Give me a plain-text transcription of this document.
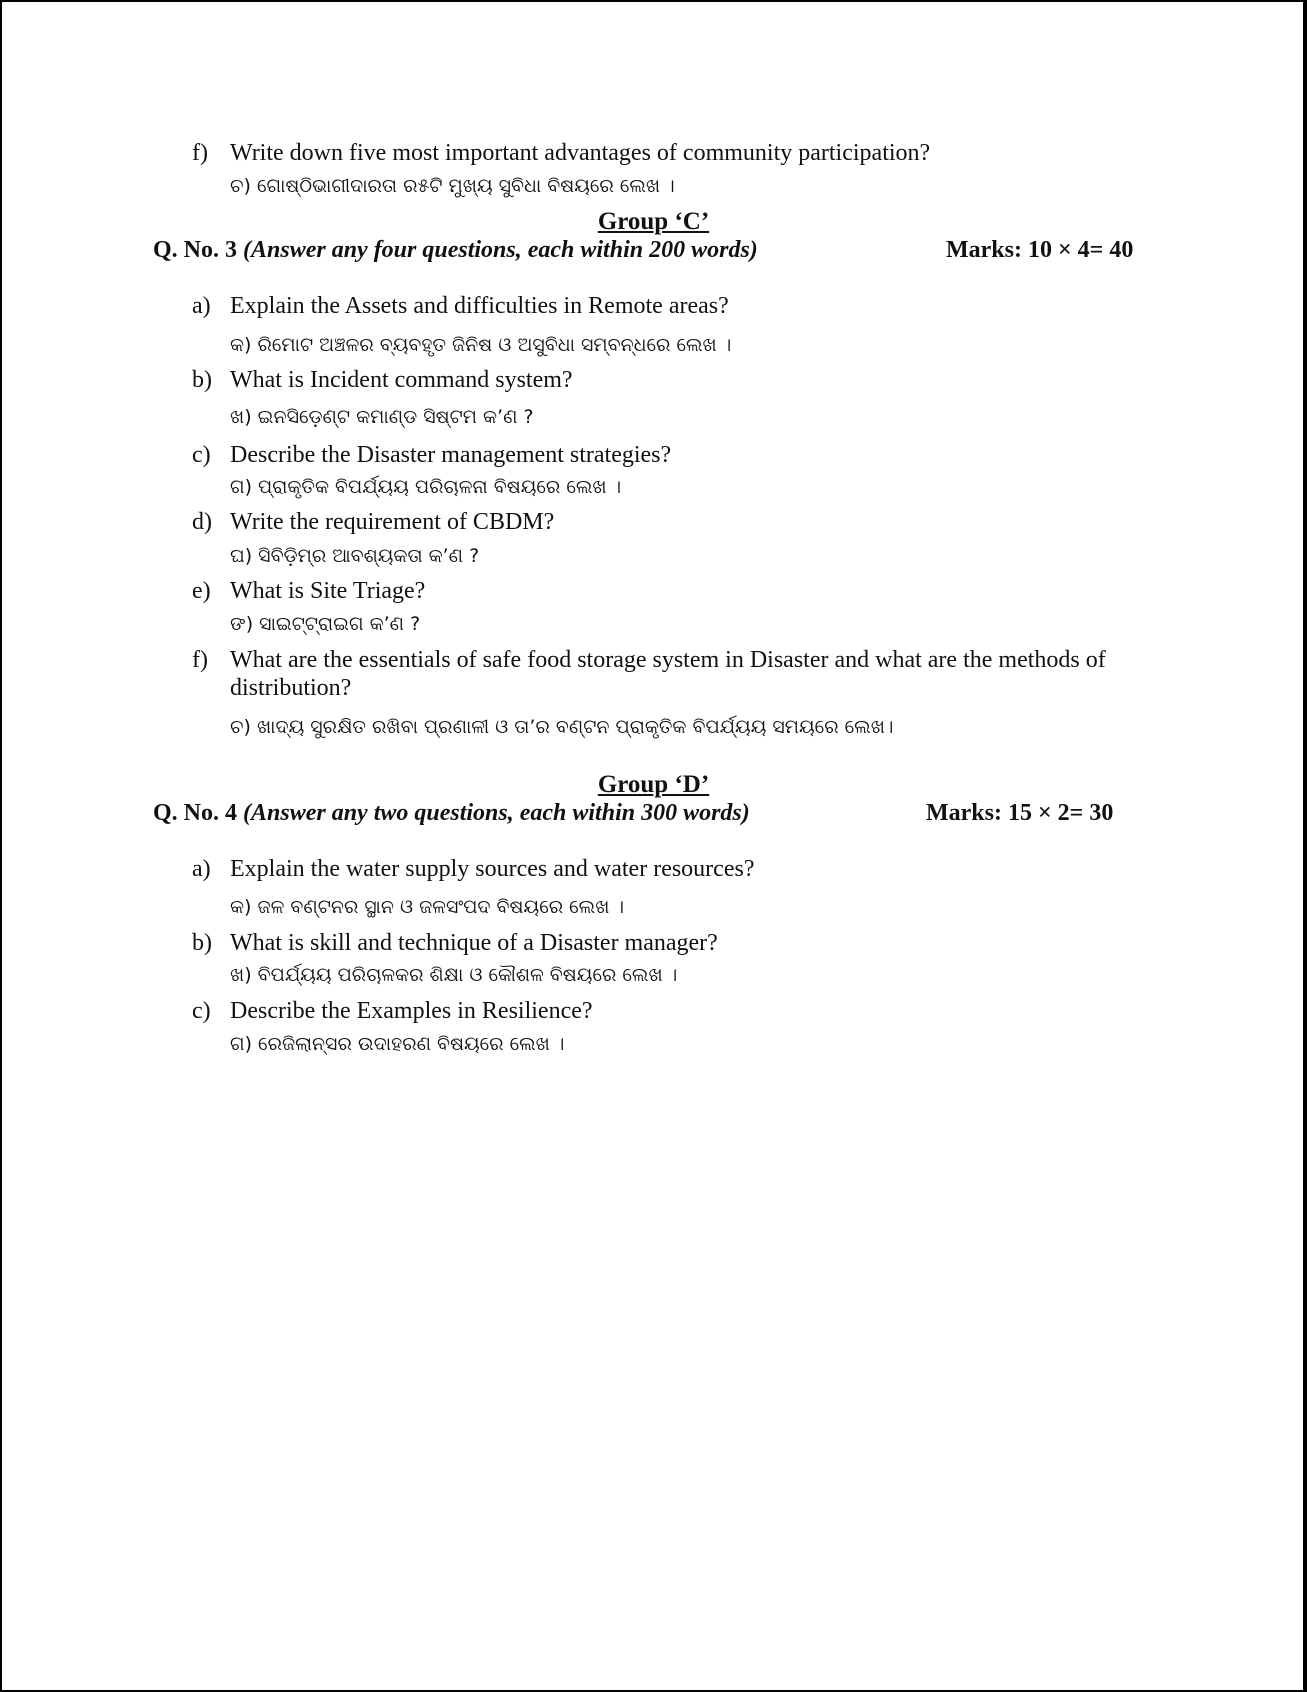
f) Write down five most important advantages of community participation?
ଚ) ଗୋଷ୍ଠିଭାଗୀଦାରତା ର୫ଟି ମୁଖ୍ୟ ସୁବିଧା ବିଷୟରେ ଲେଖ ।
Group ‘C’
Q. No. 3 (Answer any four questions, each within 200 words)	Marks: 10 × 4= 40
a) Explain the Assets and difficulties in Remote areas?
କ) ରିମୋଟ ଅଞ୍ଚଳର ବ୍ୟବହୃତ ଜିନିଷ ଓ ଅସୁବିଧା ସମ୍ବନ୍ଧରେ ଲେଖ ।
b) What is Incident command system?
ଖ) ଇନସିଡ଼େଣ୍ଟ କମାଣ୍ଡ ସିଷ୍ଟମ କ’ଣ ?
c) Describe the Disaster management strategies?
ଗ) ପ୍ରାକୃତିକ ବିପର୍ଯ୍ୟୟ ପରିଚାଳନା ବିଷୟରେ ଲେଖ ।
d) Write the requirement of CBDM?
ଘ) ସିବିଡ଼ିମ୍‌ର ଆବଶ୍ୟକତା କ’ଣ ?
e) What is Site Triage?
ଙ) ସାଇଟ୍‌ଟ୍ରାଇଗ କ’ଣ ?
f) What are the essentials of safe food storage system in Disaster and what are the methods of distribution?
ଚ) ଖାଦ୍ୟ ସୁରକ୍ଷିତ ରଖିବା ପ୍ରଣାଳୀ ଓ ତା’ର ବଣ୍ଟନ ପ୍ରାକୃତିକ ବିପର୍ଯ୍ୟୟ ସମୟରେ ଲେଖ।
Group ‘D’
Q. No. 4 (Answer any two questions, each within 300 words)	Marks: 15 × 2= 30
a) Explain the water supply sources and water resources?
କ) ଜଳ ବଣ୍ଟନର ସ୍ଥାନ ଓ ଜଳସଂପଦ ବିଷୟରେ ଲେଖ ।
b) What is skill and technique of a Disaster manager?
ଖ) ବିପର୍ଯ୍ୟୟ ପରିଚାଳକର ଶିକ୍ଷା ଓ କୌଶଳ ବିଷୟରେ ଲେଖ ।
c) Describe the Examples in Resilience?
ଗ) ରେଜିଲାନ୍ସର ଉଦାହରଣ ବିଷୟରେ ଲେଖ ।
